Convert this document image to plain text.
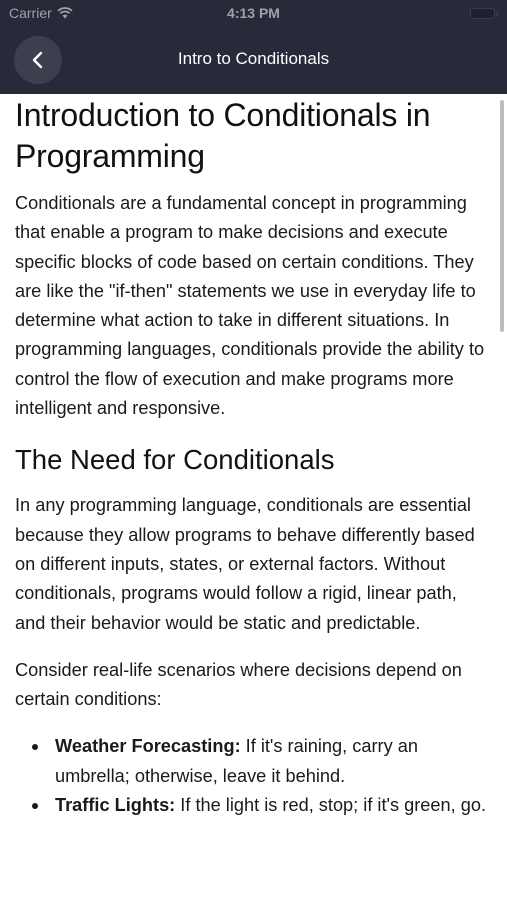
Carrier	4:13 PM
Intro to Conditionals
Introduction to Conditionals in Programming

Conditionals are a fundamental concept in programming that enable a program to make decisions and execute specific blocks of code based on certain conditions. They are like the "if-then" statements we use in everyday life to determine what action to take in different situations. In programming languages, conditionals provide the ability to control the flow of execution and make programs more intelligent and responsive.

The Need for Conditionals

In any programming language, conditionals are essential because they allow programs to behave differently based on different inputs, states, or external factors. Without conditionals, programs would follow a rigid, linear path, and their behavior would be static and predictable.

Consider real-life scenarios where decisions depend on certain conditions:

Weather Forecasting: If it's raining, carry an umbrella; otherwise, leave it behind.
Traffic Lights: If the light is red, stop; if it's green, go.
